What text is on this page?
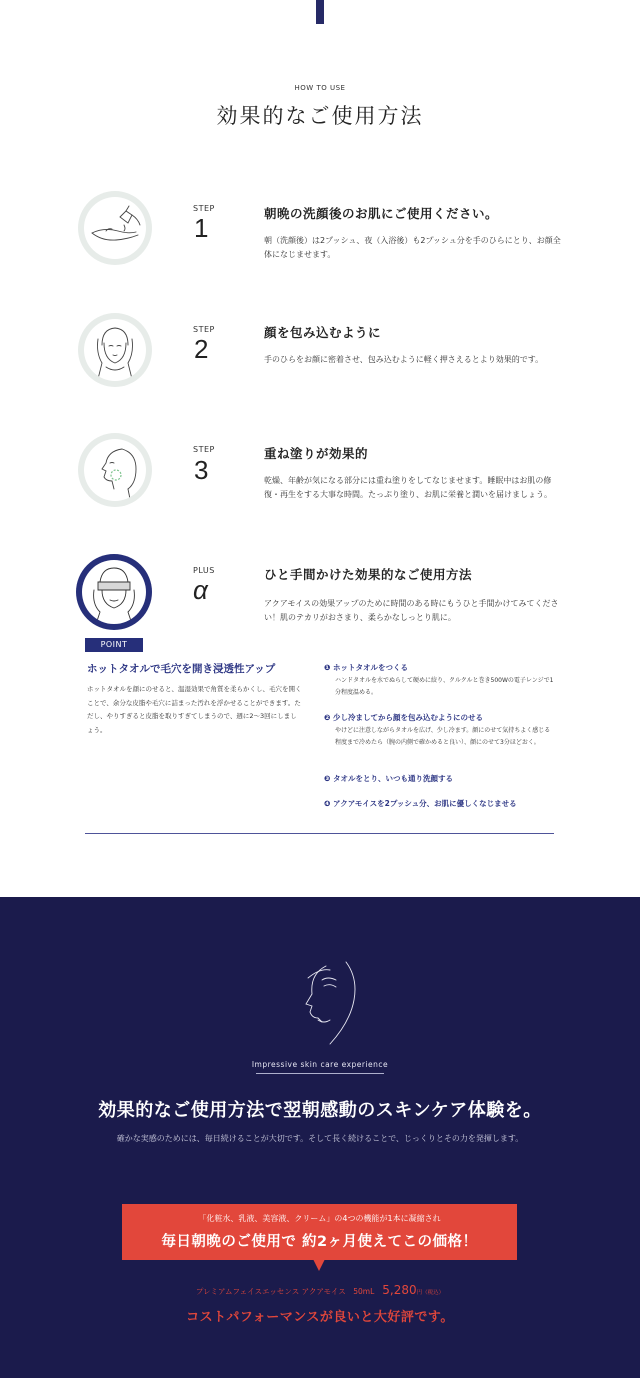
HOW TO USE
効果的なご使用方法
STEP
1	朝晩の洗顔後のお肌にご使用ください。
朝（洗顔後）は2プッシュ、夜（入浴後）も2プッシュ分を手のひらにとり、お顔全体になじませます。
STEP
2
顔を包み込むように
手のひらをお顔に密着させ、包み込むように軽く押さえるとより効果的です。
STEP
3
重ね塗りが効果的
乾燥、年齢が気になる部分には重ね塗りをしてなじませます。睡眠中はお肌の修復・再生をする大事な時間。たっぷり塗り、お肌に栄養と潤いを届けましょう。
POINT
PLUS
α
ひと手間かけた効果的なご使用方法
アクアモイスの効果アップのために時間のある時にもうひと手間かけてみてください！肌のテカリがおさまり、柔らかなしっとり肌に。
ホットタオルで毛穴を開き浸透性アップ
ホットタオルを顔にのせると、温湿効果で角質を柔らかくし、毛穴を開くことで、余分な皮脂や毛穴に詰まった汚れを浮かせることができます。ただし、やりすぎると皮脂を取りすぎてしまうので、週に2〜3回にしましょう。
❶ ホットタオルをつくる
ハンドタオルを水でぬらして硬めに絞り、クルクルと巻き500Wの電子レンジで1分程度温める。
❷ 少し冷ましてから顔を包み込むようにのせる
やけどに注意しながらタオルを広げ、少し冷ます。顔にのせて気持ちよく感じる程度まで冷めたら（腕の内側で確かめると良い）、顔にのせて3分ほどおく。
❸ タオルをとり、いつも通り洗顔する
❹ アクアモイスを2プッシュ分、お肌に優しくなじませる
Impressive skin care experience
効果的なご使用方法で翌朝感動のスキンケア体験を。
確かな実感のためには、毎日続けることが大切です。そして長く続けることで、じっくりとその力を発揮します。
「化粧水、乳液、美容液、クリーム」の4つの機能が1本に凝縮され
毎日朝晩のご使用で 約2ヶ月使えてこの価格！
プレミアムフェイスエッセンス アクアモイス　50mL 5,280円（税込）
コストパフォーマンスが良いと大好評です。
